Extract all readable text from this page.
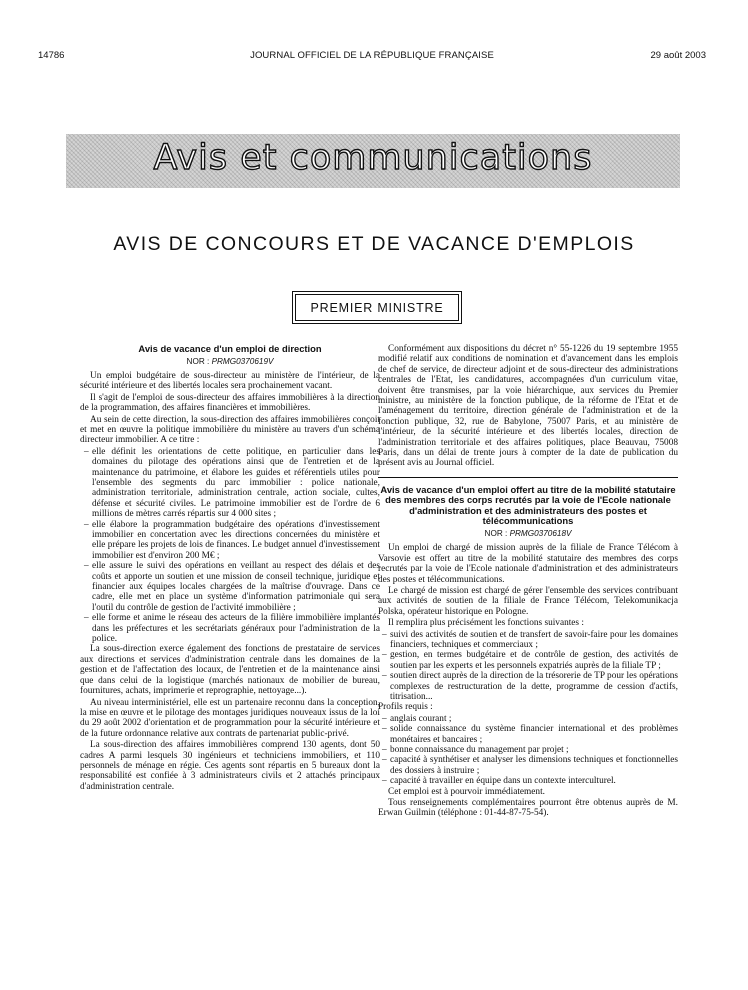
14786	JOURNAL OFFICIEL DE LA RÉPUBLIQUE FRANÇAISE	29 août 2003
Avis et communications
AVIS DE CONCOURS ET DE VACANCE D'EMPLOIS
PREMIER MINISTRE
Avis de vacance d'un emploi de direction
NOR : PRMG0370619V

Un emploi budgétaire de sous-directeur au ministère de l'intérieur, de la sécurité intérieure et des libertés locales sera prochainement vacant.

Il s'agit de l'emploi de sous-directeur des affaires immobilières à la direction de la programmation, des affaires financières et immobilières.

Au sein de cette direction, la sous-direction des affaires immobilières conçoit et met en œuvre la politique immobilière du ministère au travers d'un schéma directeur immobilier. A ce titre :

– elle définit les orientations de cette politique, en particulier dans les domaines du pilotage des opérations ainsi que de l'entretien et de la maintenance du patrimoine, et élabore les guides et référentiels utiles pour l'ensemble des segments du parc immobilier : police nationale, administration territoriale, administration centrale, action sociale, cultes, défense et sécurité civiles. Le patrimoine immobilier est de l'ordre de 6 millions de mètres carrés répartis sur 4 000 sites ;
– elle élabore la programmation budgétaire des opérations d'investissement immobilier en concertation avec les directions concernées du ministère et elle prépare les projets de lois de finances. Le budget annuel d'investissement immobilier est d'environ 200 M€ ;
– elle assure le suivi des opérations en veillant au respect des délais et des coûts et apporte un soutien et une mission de conseil technique, juridique et financier aux équipes locales chargées de la maîtrise d'ouvrage. Dans ce cadre, elle met en place un système d'information patrimoniale qui sera l'outil du contrôle de gestion de l'activité immobilière ;
– elle forme et anime le réseau des acteurs de la filière immobilière implantés dans les préfectures et les secrétariats généraux pour l'administration de la police.

La sous-direction exerce également des fonctions de prestataire de services aux directions et services d'administration centrale dans les domaines de la gestion et de l'affectation des locaux, de l'entretien et de la maintenance ainsi que dans celui de la logistique (marchés nationaux de mobilier de bureau, fournitures, achats, imprimerie et reprographie, nettoyage...).

Au niveau interministériel, elle est un partenaire reconnu dans la conception, la mise en œuvre et le pilotage des montages juridiques nouveaux issus de la loi du 29 août 2002 d'orientation et de programmation pour la sécurité intérieure et de la future ordonnance relative aux contrats de partenariat public-privé.

La sous-direction des affaires immobilières comprend 130 agents, dont 50 cadres A parmi lesquels 30 ingénieurs et techniciens immobiliers, et 110 personnels de ménage en régie. Ces agents sont répartis en 5 bureaux dont la responsabilité est confiée à 3 administrateurs civils et 2 attachés principaux d'administration centrale.

Conformément aux dispositions du décret n° 55-1226 du 19 septembre 1955 modifié relatif aux conditions de nomination et d'avancement dans les emplois de chef de service, de directeur adjoint et de sous-directeur des administrations centrales de l'Etat, les candidatures, accompagnées d'un curriculum vitae, doivent être transmises, par la voie hiérarchique, aux services du Premier ministre, au ministère de la fonction publique, de la réforme de l'Etat et de l'aménagement du territoire, direction générale de l'administration et de la fonction publique, 32, rue de Babylone, 75007 Paris, et au ministère de l'intérieur, de la sécurité intérieure et des libertés locales, direction de l'administration territoriale et des affaires politiques, place Beauvau, 75008 Paris, dans un délai de trente jours à compter de la date de publication du présent avis au Journal officiel.

Avis de vacance d'un emploi offert au titre de la mobilité statutaire des membres des corps recrutés par la voie de l'Ecole nationale d'administration et des administrateurs des postes et télécommunications
NOR : PRMG0370618V

Un emploi de chargé de mission auprès de la filiale de France Télécom à Varsovie est offert au titre de la mobilité statutaire des membres des corps recrutés par la voie de l'Ecole nationale d'administration et des administrateurs des postes et télécommunications.

Le chargé de mission est chargé de gérer l'ensemble des services contribuant aux activités de soutien de la filiale de France Télécom, Telekomunikacja Polska, opérateur historique en Pologne.

Il remplira plus précisément les fonctions suivantes :

– suivi des activités de soutien et de transfert de savoir-faire pour les domaines financiers, techniques et commerciaux ;
– gestion, en termes budgétaire et de contrôle de gestion, des activités de soutien par les experts et les personnels expatriés auprès de la filiale TP ;
– soutien direct auprès de la direction de la trésorerie de TP pour les opérations complexes de restructuration de la dette, programme de cession d'actifs, titrisation...

Profils requis :

– anglais courant ;
– solide connaissance du système financier international et des problèmes monétaires et bancaires ;
– bonne connaissance du management par projet ;
– capacité à synthétiser et analyser les dimensions techniques et fonctionnelles des dossiers à instruire ;
– capacité à travailler en équipe dans un contexte interculturel.

Cet emploi est à pourvoir immédiatement.

Tous renseignements complémentaires pourront être obtenus auprès de M. Erwan Guilmin (téléphone : 01-44-87-75-54).
